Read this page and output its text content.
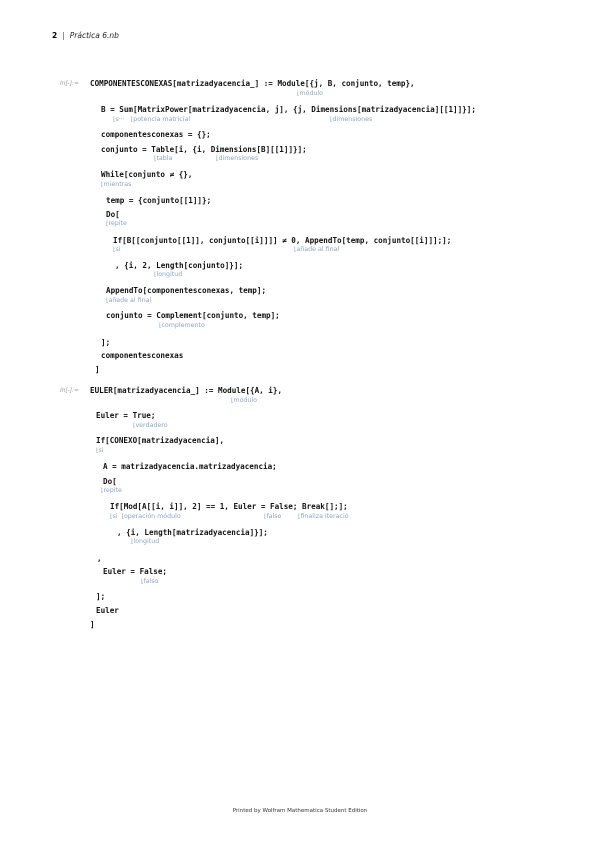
2 | Práctica 6.nb
In[-]:= COMPONENTESCONEXAS[matrizadyacencia_] := Module[{j, B, conjunto, temp},
⌊módulo
B = Sum[MatrixPower[matrizadyacencia, j], {j, Dimensions[matrizadyacencia][[1]]}];
⌊s···   ⌊potencia matricial	⌊dimensiones
componentesconexas = {};
conjunto = Table[i, {i, Dimensions[B][[1]]}];
⌊tabla	⌊dimensiones
While[conjunto ≠ {},
⌊mientras
temp = {conjunto[[1]]};
Do[
⌊repite
If[B[[conjunto[[1]], conjunto[[i]]]] ≠ 0, AppendTo[temp, conjunto[[i]]];];
⌊si	⌊añade al final
, {i, 2, Length[conjunto]}];
⌊longitud
AppendTo[componentesconexas, temp];
⌊añade al final
conjunto = Complement[conjunto, temp];
⌊complemento
];
componentesconexas
]
In[-]:= EULER[matrizadyacencia_] := Module[{A, i},
⌊módulo
Euler = True;
⌊verdadero
If[CONEXO[matrizadyacencia],
⌊si
A = matrizadyacencia.matrizadyacencia;
Do[
⌊repite
If[Mod[A[[i, i]], 2] == 1, Euler = False; Break[];];
⌊si  ⌊operación módulo	⌊falso	⌊finaliza iteració
, {i, Length[matrizadyacencia]}];
⌊longitud
,
Euler = False;
⌊falso
];
Euler
]
Printed by Wolfram Mathematica Student Edition
